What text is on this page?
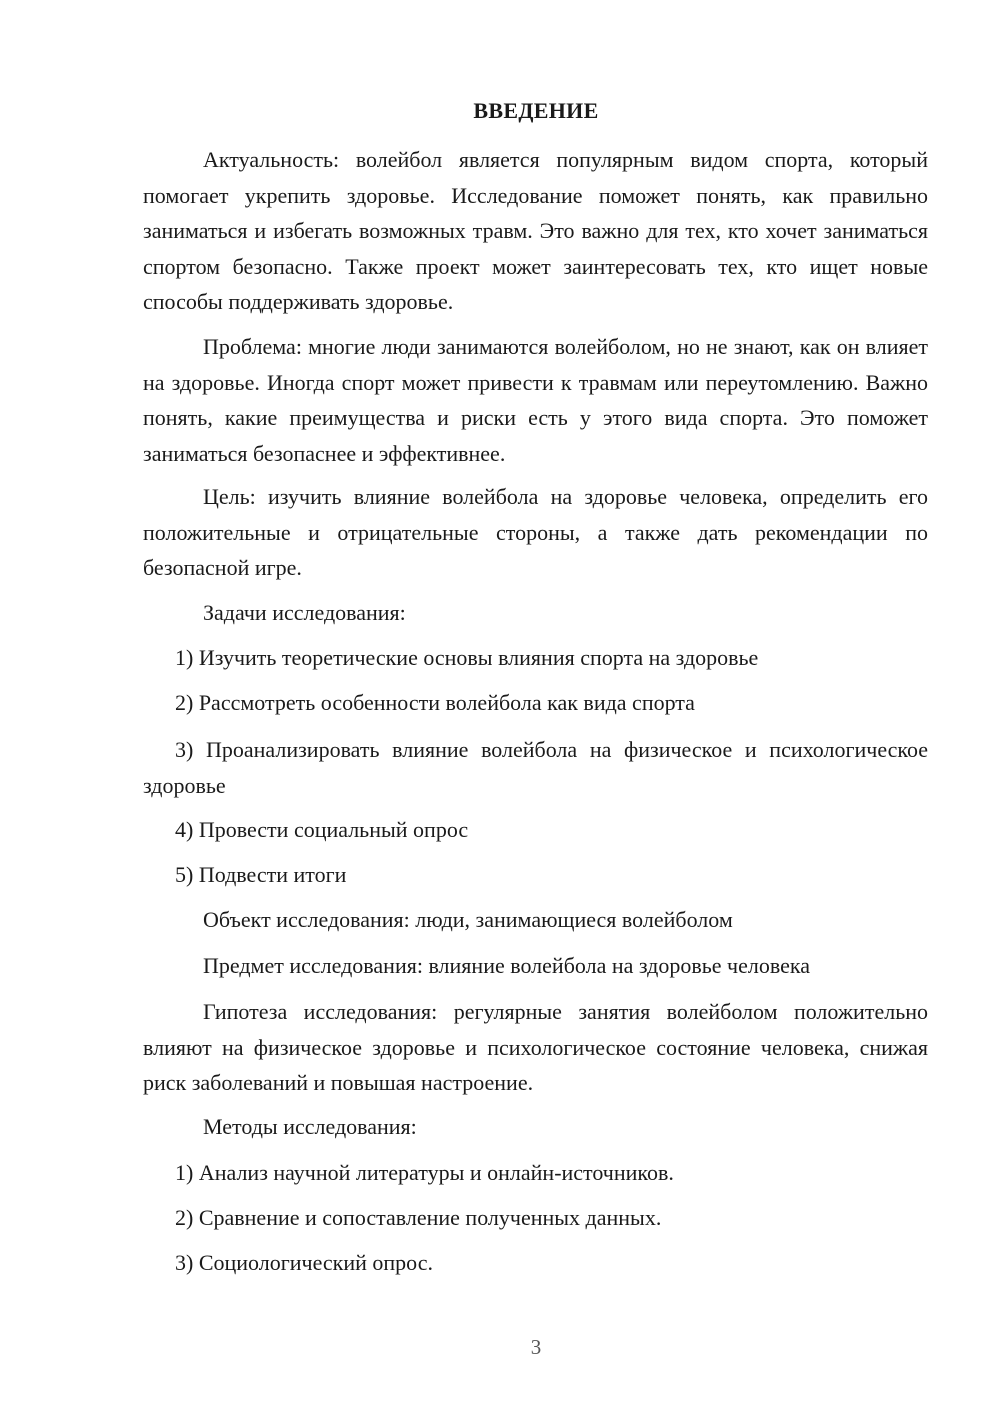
ВВЕДЕНИЕ
Актуальность: волейбол является популярным видом спорта, который помогает укрепить здоровье. Исследование поможет понять, как правильно заниматься и избегать возможных травм. Это важно для тех, кто хочет заниматься спортом безопасно. Также проект может заинтересовать тех, кто ищет новые способы поддерживать здоровье.
Проблема: многие люди занимаются волейболом, но не знают, как он влияет на здоровье. Иногда спорт может привести к травмам или переутомлению. Важно понять, какие преимущества и риски есть у этого вида спорта. Это поможет заниматься безопаснее и эффективнее.
Цель: изучить влияние волейбола на здоровье человека, определить его положительные и отрицательные стороны, а также дать рекомендации по безопасной игре.
Задачи исследования:
1) Изучить теоретические основы влияния спорта на здоровье
2) Рассмотреть особенности волейбола как вида спорта
3) Проанализировать влияние волейбола на физическое и психологическое здоровье
4) Провести социальный опрос
5) Подвести итоги
Объект исследования: люди, занимающиеся волейболом
Предмет исследования: влияние волейбола на здоровье человека
Гипотеза исследования: регулярные занятия волейболом положительно влияют на физическое здоровье и психологическое состояние человека, снижая риск заболеваний и повышая настроение.
Методы исследования:
1) Анализ научной литературы и онлайн-источников.
2) Сравнение и сопоставление полученных данных.
3) Социологический опрос.
3
